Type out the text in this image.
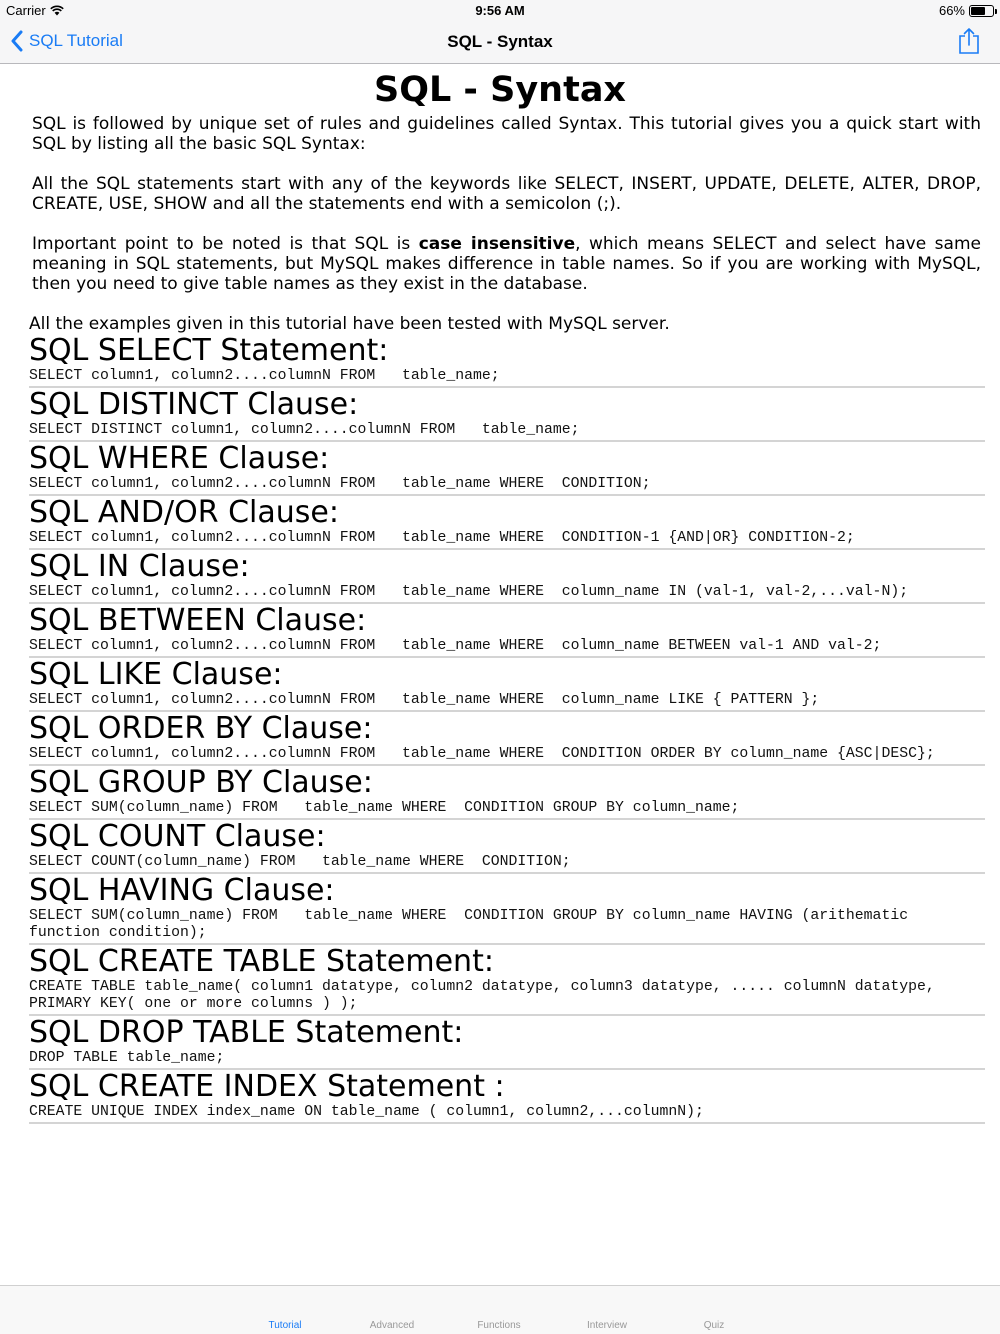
Carrier	9:56 AM	66%
SQL Tutorial	SQL - Syntax
SQL - Syntax

SQL is followed by unique set of rules and guidelines called Syntax. This tutorial gives you a quick start with SQL by listing all the basic SQL Syntax:

All the SQL statements start with any of the keywords like SELECT, INSERT, UPDATE, DELETE, ALTER, DROP, CREATE, USE, SHOW and all the statements end with a semicolon (;).

Important point to be noted is that SQL is case insensitive, which means SELECT and select have same meaning in SQL statements, but MySQL makes difference in table names. So if you are working with MySQL, then you need to give table names as they exist in the database.

All the examples given in this tutorial have been tested with MySQL server.

SQL SELECT Statement:
SELECT column1, column2....columnN FROM   table_name;
SQL DISTINCT Clause:
SELECT DISTINCT column1, column2....columnN FROM   table_name;
SQL WHERE Clause:
SELECT column1, column2....columnN FROM   table_name WHERE  CONDITION;
SQL AND/OR Clause:
SELECT column1, column2....columnN FROM   table_name WHERE  CONDITION-1 {AND|OR} CONDITION-2;
SQL IN Clause:
SELECT column1, column2....columnN FROM   table_name WHERE  column_name IN (val-1, val-2,...val-N);
SQL BETWEEN Clause:
SELECT column1, column2....columnN FROM   table_name WHERE  column_name BETWEEN val-1 AND val-2;
SQL LIKE Clause:
SELECT column1, column2....columnN FROM   table_name WHERE  column_name LIKE { PATTERN };
SQL ORDER BY Clause:
SELECT column1, column2....columnN FROM   table_name WHERE  CONDITION ORDER BY column_name {ASC|DESC};
SQL GROUP BY Clause:
SELECT SUM(column_name) FROM   table_name WHERE  CONDITION GROUP BY column_name;
SQL COUNT Clause:
SELECT COUNT(column_name) FROM   table_name WHERE  CONDITION;
SQL HAVING Clause:
SELECT SUM(column_name) FROM   table_name WHERE  CONDITION GROUP BY column_name HAVING (arithematic
function condition);
SQL CREATE TABLE Statement:
CREATE TABLE table_name( column1 datatype, column2 datatype, column3 datatype, ..... columnN datatype,
PRIMARY KEY( one or more columns ) );
SQL DROP TABLE Statement:
DROP TABLE table_name;
SQL CREATE INDEX Statement :
CREATE UNIQUE INDEX index_name ON table_name ( column1, column2,...columnN);
Tutorial	Advanced	Functions	Interview	Quiz
